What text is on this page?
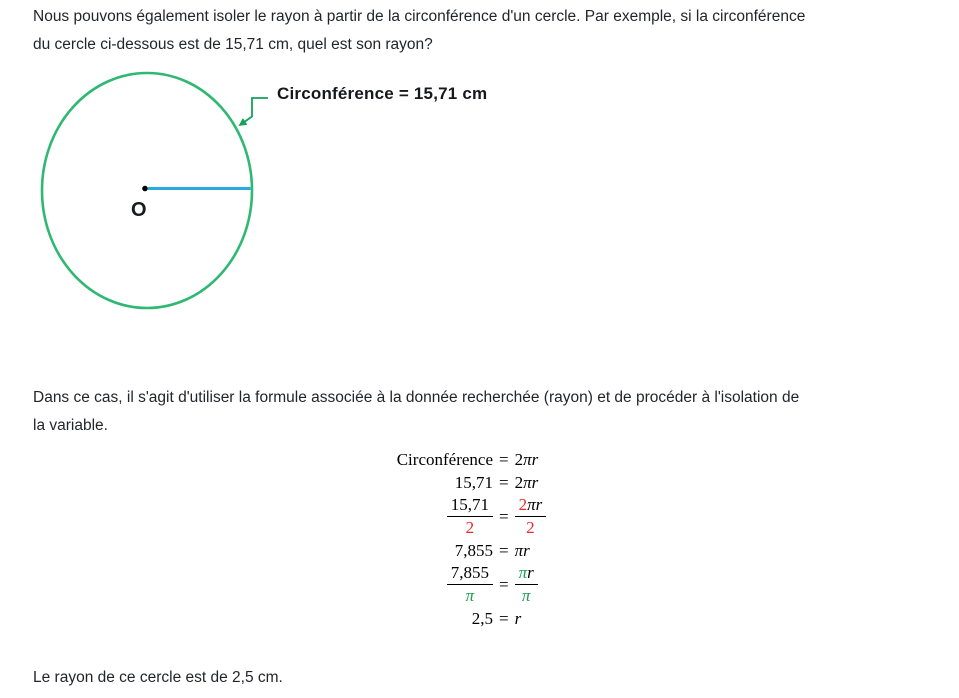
Nous pouvons également isoler le rayon à partir de la circonférence d'un cercle. Par exemple, si la circonférence
du cercle ci-dessous est de 15,71 cm, quel est son rayon?
O
Circonférence = 15,71 cm
Dans ce cas, il s'agit d'utiliser la formule associée à la donnée recherchée (rayon) et de procéder à l'isolation de
la variable.
Circonférence = 2 πr
15,71 = 2 πr
$\frac{15,71}{2} = \frac{2\pi r}{2}$
7,855 = πr
$\frac{7,855}{\pi} = \frac{\pi r}{\pi}$
2,5 = r
Le rayon de ce cercle est de 2,5 cm.
